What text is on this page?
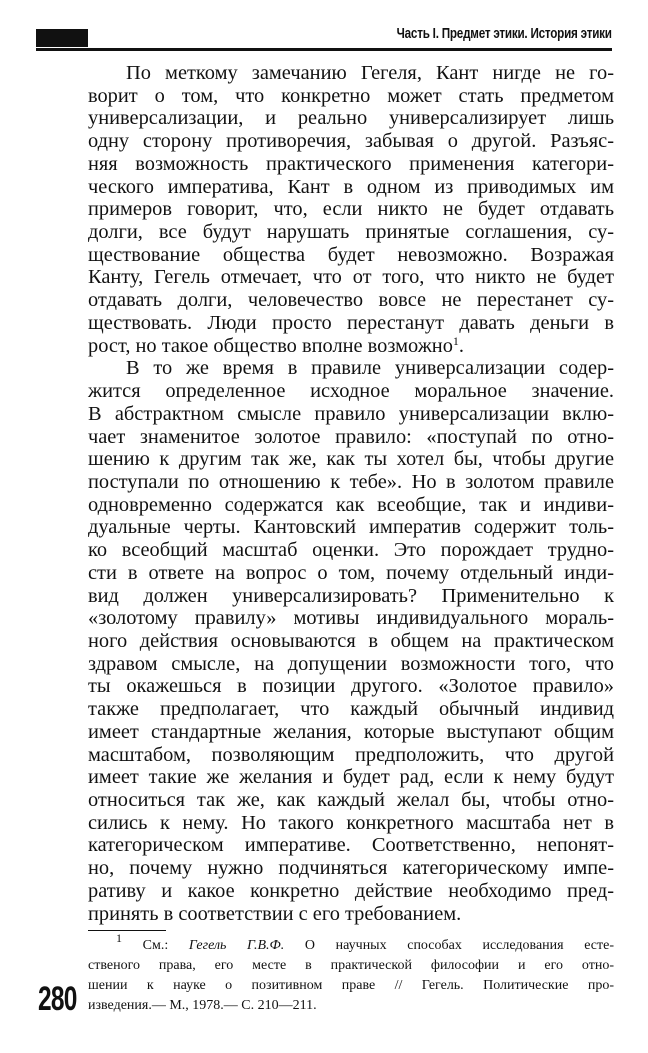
Часть I. Предмет этики. История этики
По меткому замечанию Гегеля, Кант нигде не го-
ворит о том, что конкретно может стать предметом
универсализации, и реально универсализирует лишь
одну сторону противоречия, забывая о другой. Разъяс-
няя возможность практического применения категори-
ческого императива, Кант в одном из приводимых им
примеров говорит, что, если никто не будет отдавать
долги, все будут нарушать принятые соглашения, су-
ществование общества будет невозможно. Возражая
Канту, Гегель отмечает, что от того, что никто не будет
отдавать долги, человечество вовсе не перестанет су-
ществовать. Люди просто перестанут давать деньги в
рост, но такое общество вполне возможно$^1$.
В то же время в правиле универсализации содер-
жится определенное исходное моральное значение.
В абстрактном смысле правило универсализации вклю-
чает знаменитое золотое правило: «поступай по отно-
шению к другим так же, как ты хотел бы, чтобы другие
поступали по отношению к тебе». Но в золотом правиле
одновременно содержатся как всеобщие, так и индиви-
дуальные черты. Кантовский императив содержит толь-
ко всеобщий масштаб оценки. Это порождает трудно-
сти в ответе на вопрос о том, почему отдельный инди-
вид должен универсализировать? Применительно к
«золотому правилу» мотивы индивидуального мораль-
ного действия основываются в общем на практическом
здравом смысле, на допущении возможности того, что
ты окажешься в позиции другого. «Золотое правило»
также предполагает, что каждый обычный индивид
имеет стандартные желания, которые выступают общим
масштабом, позволяющим предположить, что другой
имеет такие же желания и будет рад, если к нему будут
относиться так же, как каждый желал бы, чтобы отно-
сились к нему. Но такого конкретного масштаба нет в
категорическом императиве. Соответственно, непонят-
но, почему нужно подчиняться категорическому импе-
ративу и какое конкретно действие необходимо пред-
принять в соответствии с его требованием.
$^1$ См.: Гегель Г.В.Ф. О научных способах исследования есте-
ственого права, его месте в практической философии и его отно-
шении к науке о позитивном праве // Гегель. Политические про-
изведения.— М., 1978.— С. 210—211.
280
